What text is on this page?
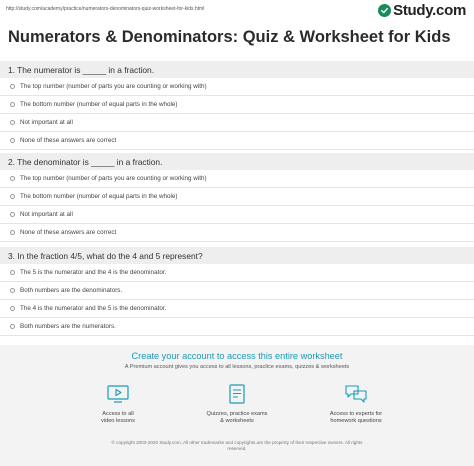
http://study.com/academy/practice/numerators-denominators-quiz-worksheet-for-kids.html	Study.com
Numerators & Denominators: Quiz & Worksheet for Kids
1. The numerator is _____ in a fraction.
The top number (number of parts you are counting or working with)
The bottom number (number of equal parts in the whole)
Not important at all
None of these answers are correct
2. The denominator is _____ in a fraction.
The top number (number of parts you are counting or working with)
The bottom number (number of equal parts in the whole)
Not important at all
None of these answers are correct
3. In the fraction 4/5, what do the 4 and 5 represent?
The 5 is the numerator and the 4 is the denominator.
Both numbers are the denominators.
The 4 is the numerator and the 5 is the denominator.
Both numbers are the numerators.
Create your account to access this entire worksheet
A Premium account gives you access to all lessons, practice exams, quizzes & worksheets
Access to all
video lessons
Quizzes, practice exams
& worksheets
Access to experts for
homework questions
© copyright 2003-2020 Study.com. All other trademarks and copyrights are the property of their respective owners. All rights
reserved.
